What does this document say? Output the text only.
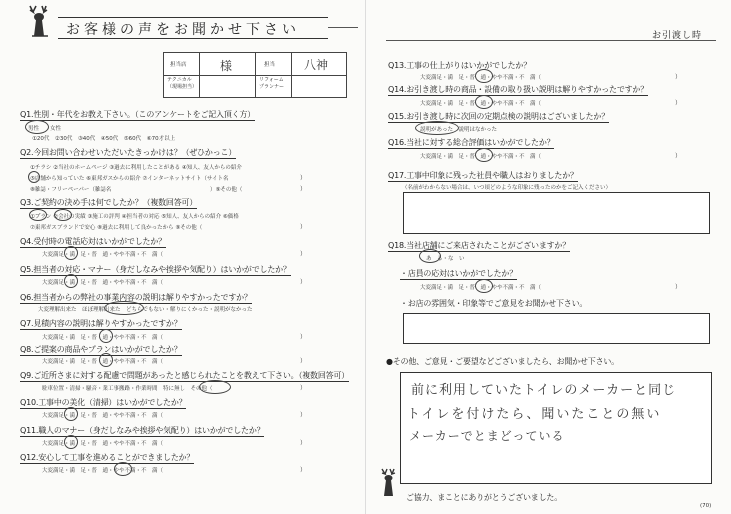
お客様の声をお聞かせ下さい	お引渡し時
担当店	様	担当 八神
テクニカル
（現場担当）
リフォーム
プランナー
Q1.性別・年代をお教え下さい。（このアンケートをご記入頂く方）
男性　　女性
①20代　②30代　③40代　④50代　⑤60代　⑥70才以上
Q2.今回お問い合わせいただいたきっかけは？（ぜひかっこ）
①チラシ ②当社のホームページ ③過去に利用したことがある ④知人、友人からの紹介
⑤店舗から知っていた ⑥東邦ガスからの紹介 ⑦インターネットサイト（サイト名	）
⑧雑誌・フリーペーパー（雑誌名	）⑨その他（	）
Q3.ご契約の決め手は何でしたか？（複数回答可）
①プラン ②会社の実績 ③施工の評判 ④担当者の対応 ⑤知人、友人からの紹介 ⑥価格
⑦東邦ガスブランドで安心 ⑧過去に利用して良かったから ⑨その他（	）
Q4.受付時の電話応対はいかがでしたか？
大変満足・満　足・普　通・やや不満・不　満（	）
Q5.担当者の対応・マナー（身だしなみや挨拶や気配り）はいかがでしたか？
大変満足・満　足・普　通・やや不満・不　満（	）
Q6.担当者からの弊社の事業内容の説明は解りやすかったですか？
大変理解出来た　ほぼ理解出来た　どちらでもない・解りにくかった・説明がなかった
Q7.見積内容の説明は解りやすかったですか？
大変満足・満　足・普　通・やや不満・不　満（	）
Q8.ご提案の商品やプランはいかがでしたか？
大変満足・満　足・普　通・やや不満・不　満（	）
Q9.ご近所さまに対する配慮で問題があったと感じられたことを教えて下さい。（複数回答可）
駐車位置・清掃・騒音・業工事搬路・作業時間　特に無し　その他（	）
Q10.工事中の美化（清掃）はいかがでしたか？
大変満足・満　足・普　通・やや不満・不　満（	）
Q11.職人のマナー（身だしなみや挨拶や気配り）はいかがでしたか？
大変満足・満　足・普　通・やや不満・不　満（	）
Q12.安心して工事を進めることができましたか？
大変満足・満　足・普　通・やや不満・不　満（	）
Q13.工事の仕上がりはいかがでしたか？
大変満足・満　足・普　通・やや不満・不　満（	）
Q14.お引き渡し時の商品・設備の取り扱い説明は解りやすかったですか？
大変満足・満　足・普　通・やや不満・不　満（	）
Q15.お引き渡し時に次回の定期点検の説明はございましたか？
説明があった　説明はなかった
Q16.当社に対する総合評価はいかがでしたか？
大変満足・満　足・普　通・やや不満・不　満（	）
Q17.工事中印象に残った社員や職人はおりましたか？
（名前がわからない場合は、いつ頃どのような印象に残ったのかをご記入ください）
Q18.当社店舗にご来店されたことがございますか？
あ　る・な　い
・店員の応対はいかがでしたか？
大変満足・満　足・普　通・やや不満・不　満（	）
・お店の雰囲気・印象等でご意見をお聞かせ下さい。
●その他、ご意見・ご要望などございましたら、お聞かせ下さい。
前に利用していたトイレのメーカーと同じ
トイレを付けたら、聞いたことの無い
メーカーでとまどっている
ご協力、まことにありがとうございました。
(70)
